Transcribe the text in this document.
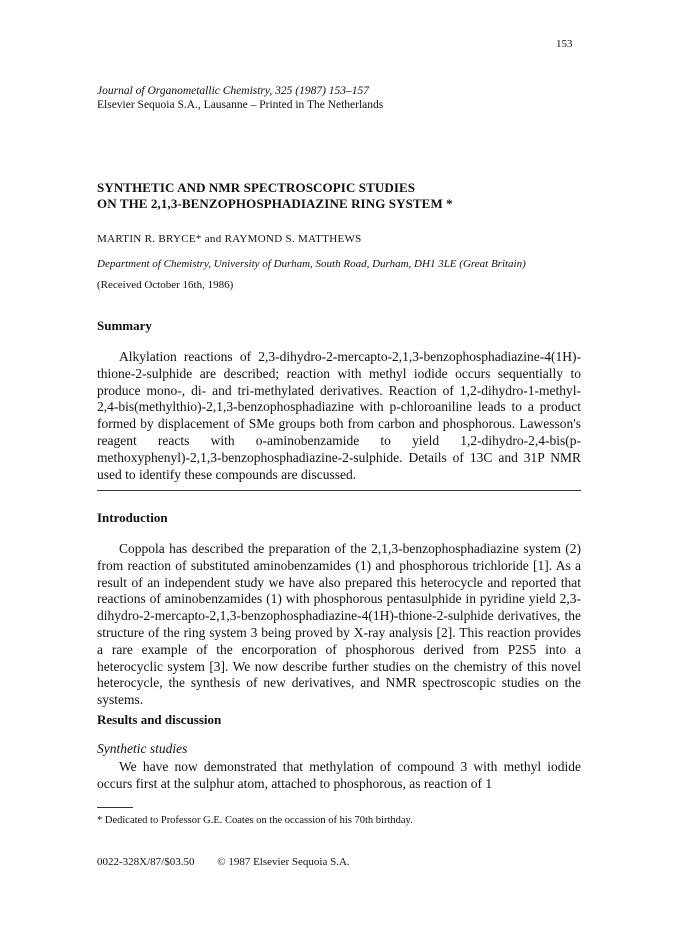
153
Journal of Organometallic Chemistry, 325 (1987) 153–157
Elsevier Sequoia S.A., Lausanne – Printed in The Netherlands
SYNTHETIC AND NMR SPECTROSCOPIC STUDIES
ON THE 2,1,3-BENZOPHOSPHADIAZINE RING SYSTEM *
MARTIN R. BRYCE* and RAYMOND S. MATTHEWS
Department of Chemistry, University of Durham, South Road, Durham, DH1 3LE (Great Britain)
(Received October 16th, 1986)
Summary

Alkylation reactions of 2,3-dihydro-2-mercapto-2,1,3-benzophosphadiazine-4(1H)-thione-2-sulphide are described; reaction with methyl iodide occurs sequentially to produce mono-, di- and tri-methylated derivatives. Reaction of 1,2-dihydro-1-methyl-2,4-bis(methylthio)-2,1,3-benzophosphadiazine with p-chloroaniline leads to a product formed by displacement of SMe groups both from carbon and phosphorous. Lawesson's reagent reacts with o-aminobenzamide to yield 1,2-dihydro-2,4-bis(p-methoxyphenyl)-2,1,3-benzophosphadiazine-2-sulphide. Details of 13C and 31P NMR used to identify these compounds are discussed.

Introduction

Coppola has described the preparation of the 2,1,3-benzophosphadiazine system (2) from reaction of substituted aminobenzamides (1) and phosphorous trichloride [1]. As a result of an independent study we have also prepared this heterocycle and reported that reactions of aminobenzamides (1) with phosphorous pentasulphide in pyridine yield 2,3-dihydro-2-mercapto-2,1,3-benzophosphadiazine-4(1H)-thione-2-sulphide derivatives, the structure of the ring system 3 being proved by X-ray analysis [2]. This reaction provides a rare example of the encorporation of phosphorous derived from P2S5 into a heterocyclic system [3]. We now describe further studies on the chemistry of this novel heterocycle, the synthesis of new derivatives, and NMR spectroscopic studies on the systems.

Results and discussion
Synthetic studies

We have now demonstrated that methylation of compound 3 with methyl iodide occurs first at the sulphur atom, attached to phosphorous, as reaction of 1

* Dedicated to Professor G.E. Coates on the occassion of his 70th birthday.
0022-328X/87/$03.50 © 1987 Elsevier Sequoia S.A.
